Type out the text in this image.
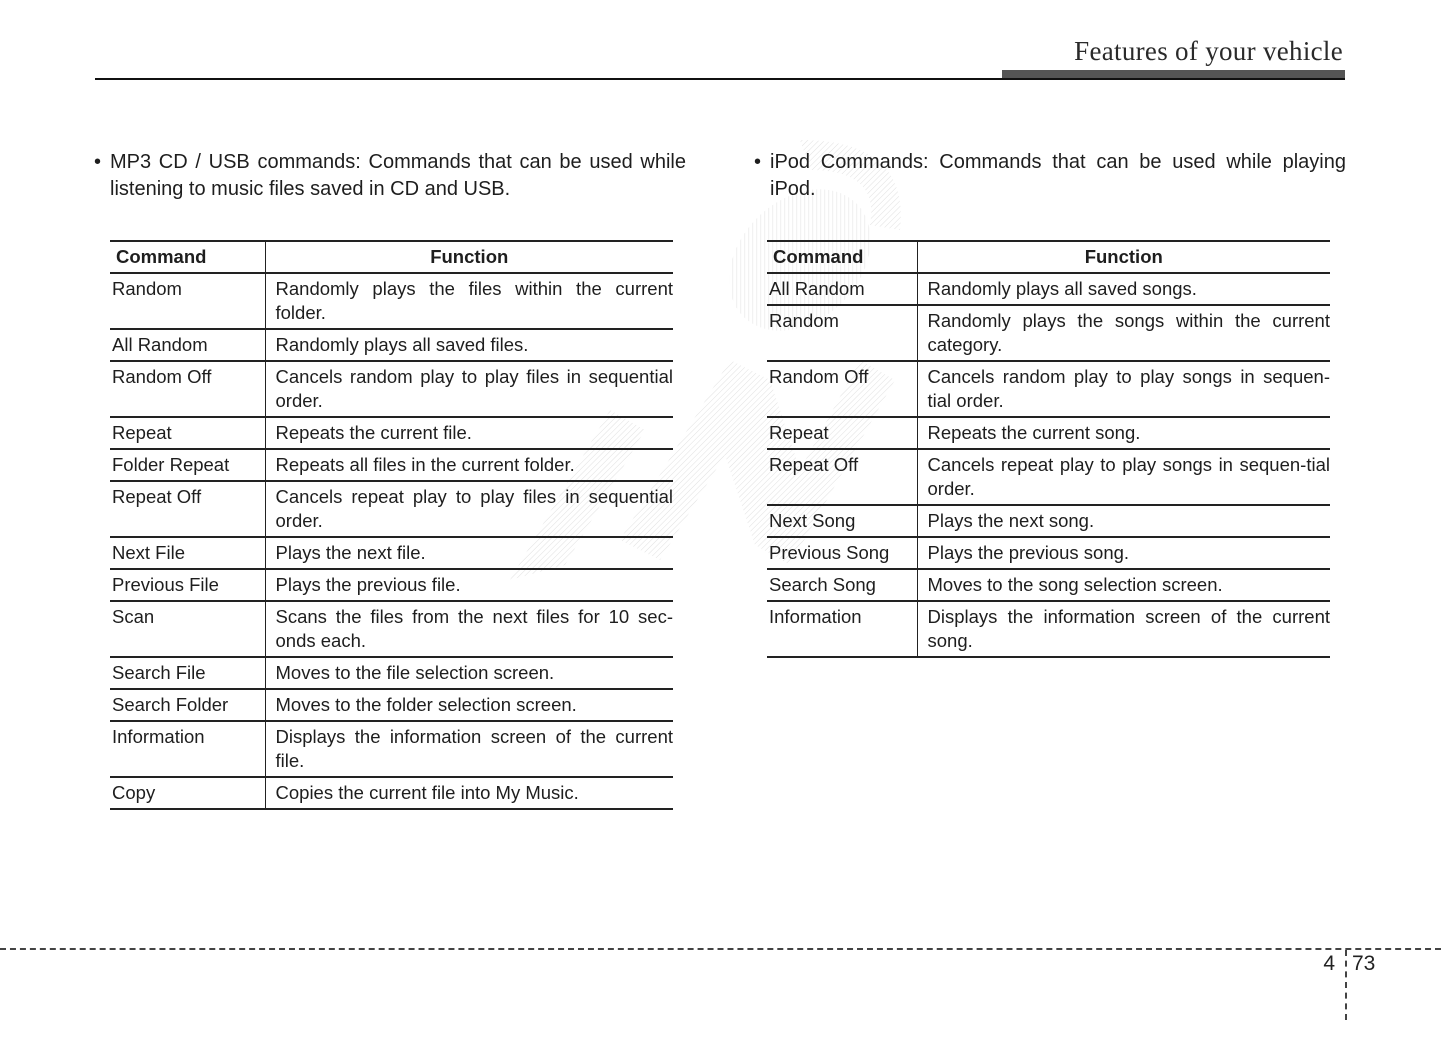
Features of your vehicle
• MP3 CD / USB commands: Commands that can be used while listening to music files saved in CD and USB.
• iPod Commands: Commands that can be used while playing iPod.
Command	Function
Random	Randomly plays the files within the current folder.
All Random	Randomly plays all saved files.
Random Off	Cancels random play to play files in sequential order.
Repeat	Repeats the current file.
Folder Repeat	Repeats all files in the current folder.
Repeat Off	Cancels repeat play to play files in sequential order.
Next File	Plays the next file.
Previous File	Plays the previous file.
Scan	Scans the files from the next files for 10 sec-onds each.
Search File	Moves to the file selection screen.
Search Folder	Moves to the folder selection screen.
Information	Displays the information screen of the current file.
Copy	Copies the current file into My Music.
Command	Function
All Random	Randomly plays all saved songs.
Random	Randomly plays the songs within the current category.
Random Off	Cancels random play to play songs in sequen-tial order.
Repeat	Repeats the current song.
Repeat Off	Cancels repeat play to play songs in sequen-tial order.
Next Song	Plays the next song.
Previous Song	Plays the previous song.
Search Song	Moves to the song selection screen.
Information	Displays the information screen of the current song.
4 73
